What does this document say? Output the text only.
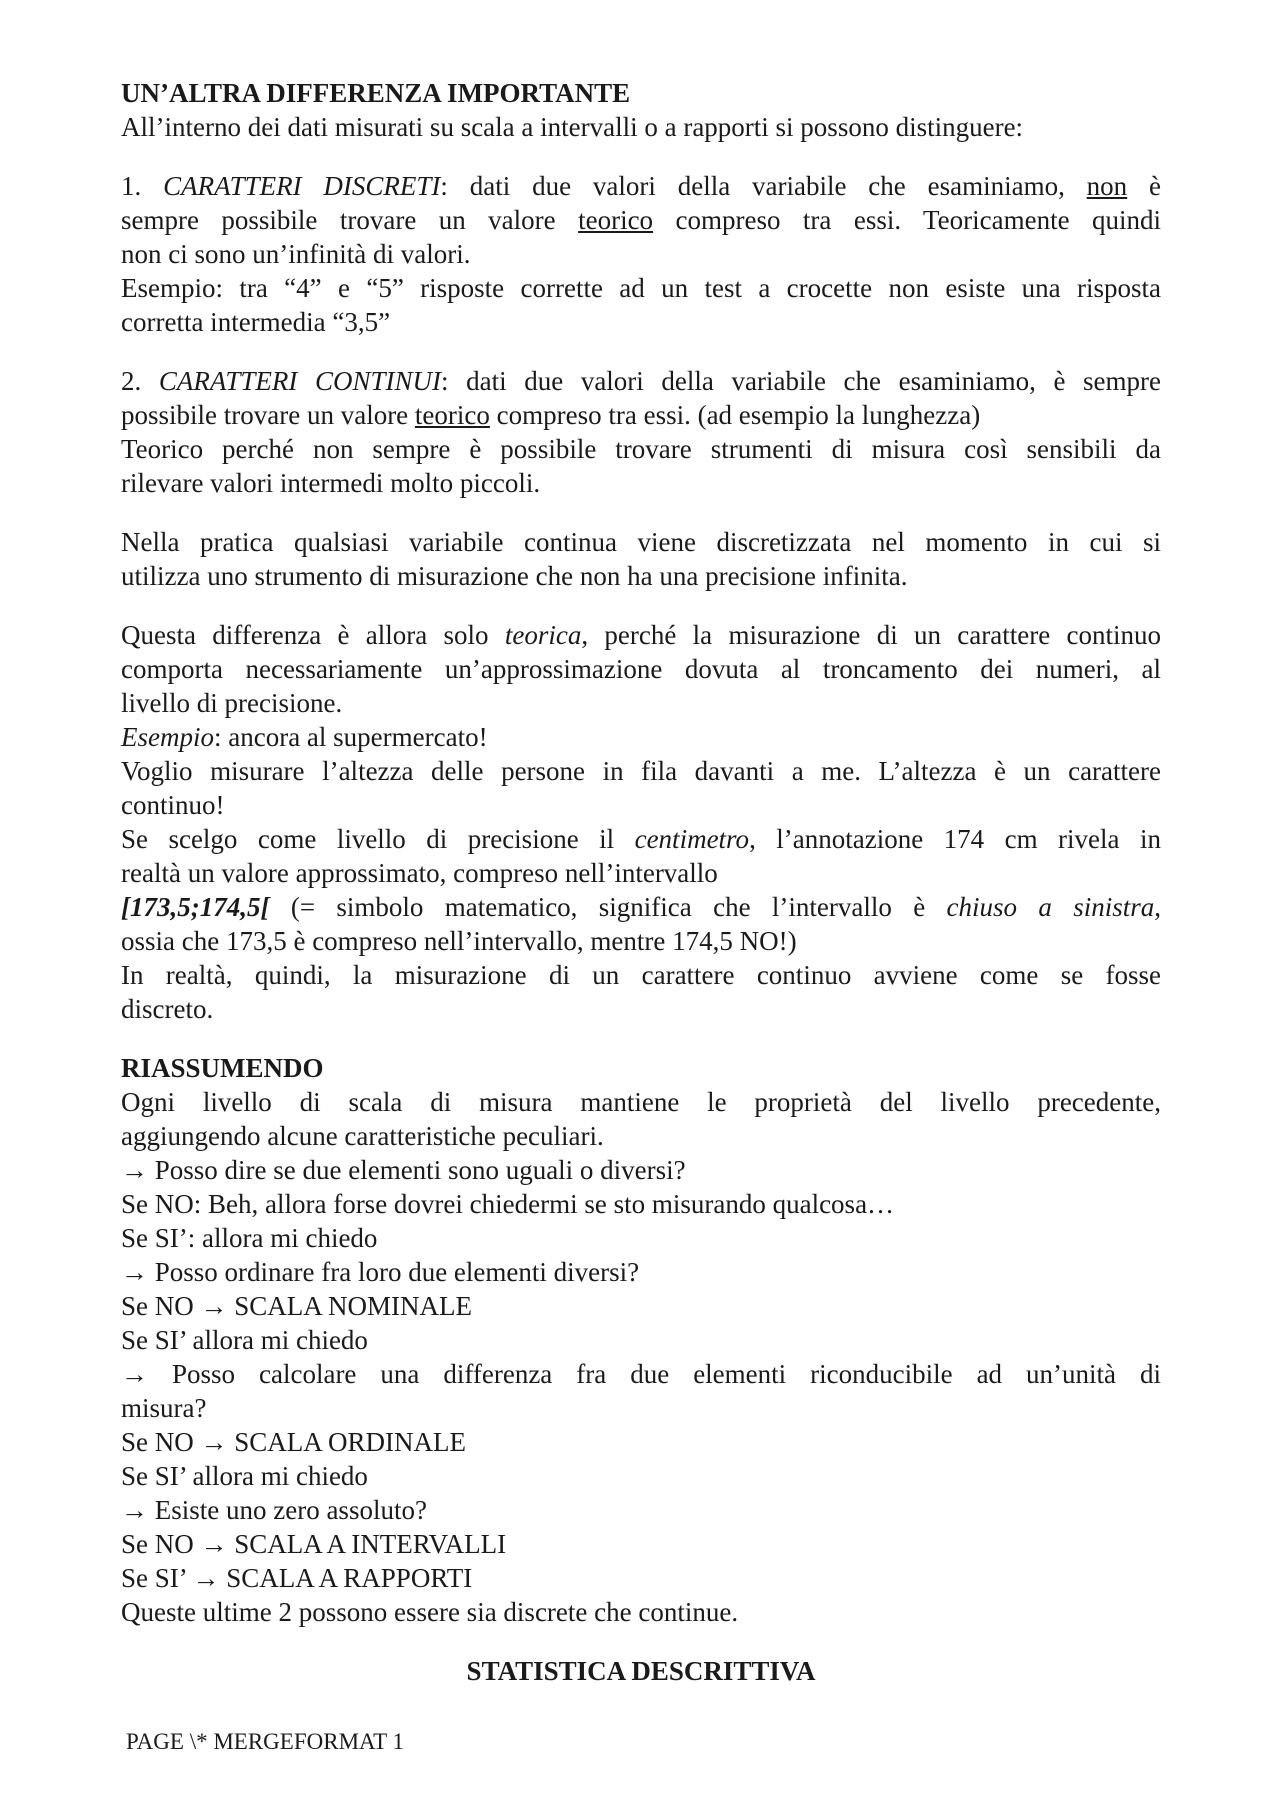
UN’ALTRA DIFFERENZA IMPORTANTE
All’interno dei dati misurati su scala a intervalli o a rapporti si possono distinguere:
1. CARATTERI DISCRETI: dati due valori della variabile che esaminiamo, non è
sempre possibile trovare un valore teorico compreso tra essi. Teoricamente quindi
non ci sono un’infinità di valori.
Esempio: tra “4” e “5” risposte corrette ad un test a crocette non esiste una risposta
corretta intermedia “3,5”
2. CARATTERI CONTINUI: dati due valori della variabile che esaminiamo, è sempre
possibile trovare un valore teorico compreso tra essi. (ad esempio la lunghezza)
Teorico perché non sempre è possibile trovare strumenti di misura così sensibili da
rilevare valori intermedi molto piccoli.
Nella pratica qualsiasi variabile continua viene discretizzata nel momento in cui si
utilizza uno strumento di misurazione che non ha una precisione infinita.
Questa differenza è allora solo teorica, perché la misurazione di un carattere continuo
comporta necessariamente un’approssimazione dovuta al troncamento dei numeri, al
livello di precisione.
Esempio: ancora al supermercato!
Voglio misurare l’altezza delle persone in fila davanti a me. L’altezza è un carattere
continuo!
Se scelgo come livello di precisione il centimetro, l’annotazione 174 cm rivela in
realtà un valore approssimato, compreso nell’intervallo
[173,5;174,5[ (= simbolo matematico, significa che l’intervallo è chiuso a sinistra,
ossia che 173,5 è compreso nell’intervallo, mentre 174,5 NO!)
In realtà, quindi, la misurazione di un carattere continuo avviene come se fosse
discreto.
RIASSUMENDO
Ogni livello di scala di misura mantiene le proprietà del livello precedente,
aggiungendo alcune caratteristiche peculiari.
→ Posso dire se due elementi sono uguali o diversi?
Se NO: Beh, allora forse dovrei chiedermi se sto misurando qualcosa…
Se SI’: allora mi chiedo
→ Posso ordinare fra loro due elementi diversi?
Se NO → SCALA NOMINALE
Se SI’ allora mi chiedo
→ Posso calcolare una differenza fra due elementi riconducibile ad un’unità di
misura?
Se NO → SCALA ORDINALE
Se SI’ allora mi chiedo
→ Esiste uno zero assoluto?
Se NO → SCALA A INTERVALLI
Se SI’ → SCALA A RAPPORTI
Queste ultime 2 possono essere sia discrete che continue.
STATISTICA DESCRITTIVA
PAGE \* MERGEFORMAT 1
